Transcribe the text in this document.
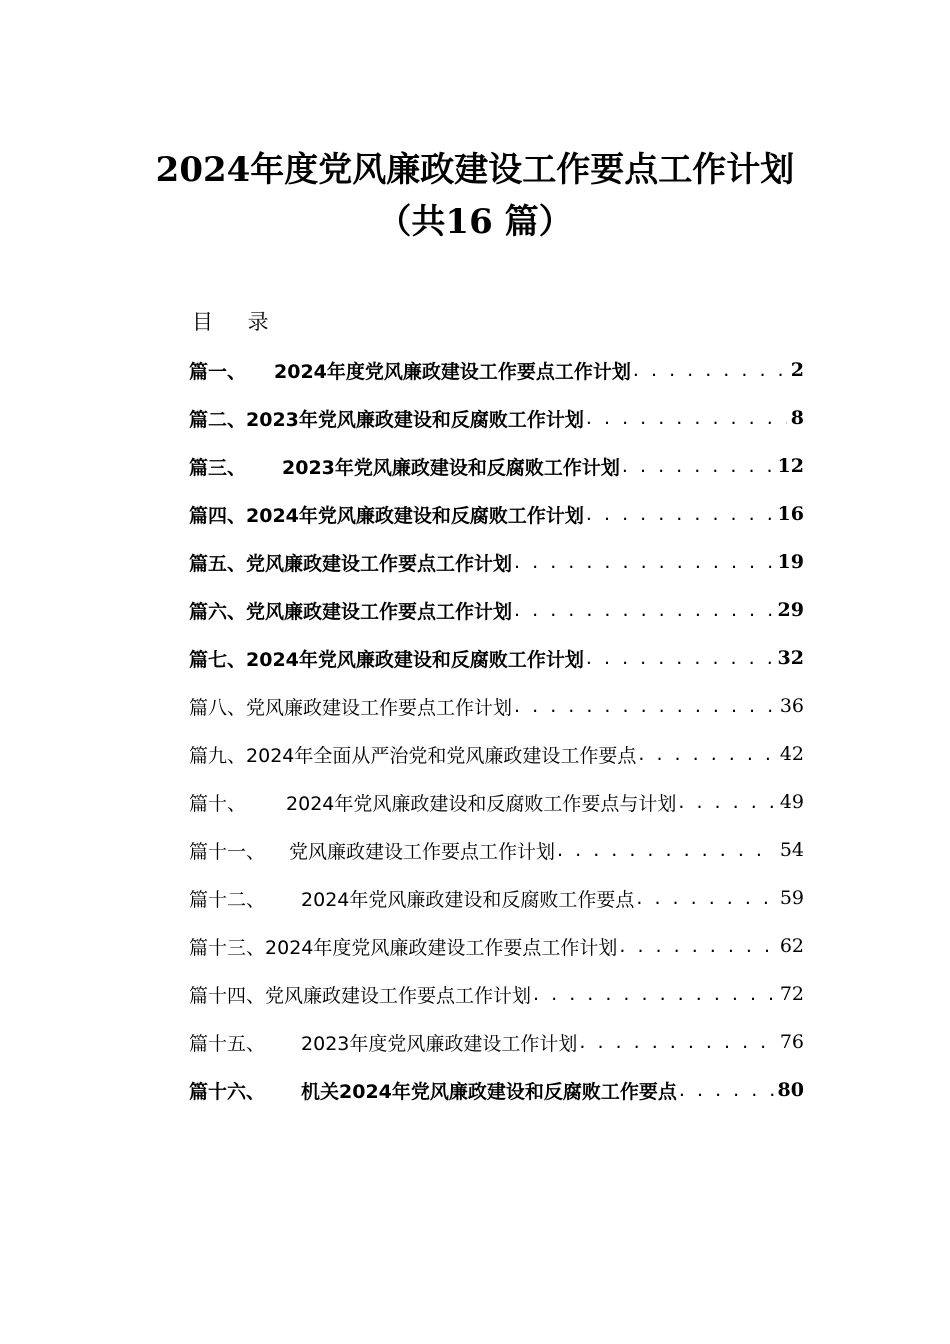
2024年度党风廉政建设工作要点工作计划
（共16 篇）
目 录
篇一、 2024年度党风廉政建设工作要点工作计划 . . .	2
篇二、 2023年党风廉政建设和反腐败工作计划 . . .	8
篇三、 2023年党风廉政建设和反腐败工作计划 . . .	12
篇四、 2024年党风廉政建设和反腐败工作计划 . . .	16
篇五、 党风廉政建设工作要点工作计划 . . .	19
篇六、 党风廉政建设工作要点工作计划 . . .	29
篇七、 2024年党风廉政建设和反腐败工作计划 . . .	32
篇八、 党风廉政建设工作要点工作计划 . . .	36
篇九、 2024年全面从严治党和党风廉政建设工作要点 . . .	42
篇十、 2024年党风廉政建设和反腐败工作要点与计划 . . .	49
篇十一、 党风廉政建设工作要点工作计划 . . .	54
篇十二、 2024年党风廉政建设和反腐败工作要点 . . .	59
篇十三、 2024年度党风廉政建设工作要点工作计划 . . .	62
篇十四、 党风廉政建设工作要点工作计划 . . .	72
篇十五、 2023年度党风廉政建设工作计划 . . .	76
篇十六、 机关2024年党风廉政建设和反腐败工作要点 . . .	80
